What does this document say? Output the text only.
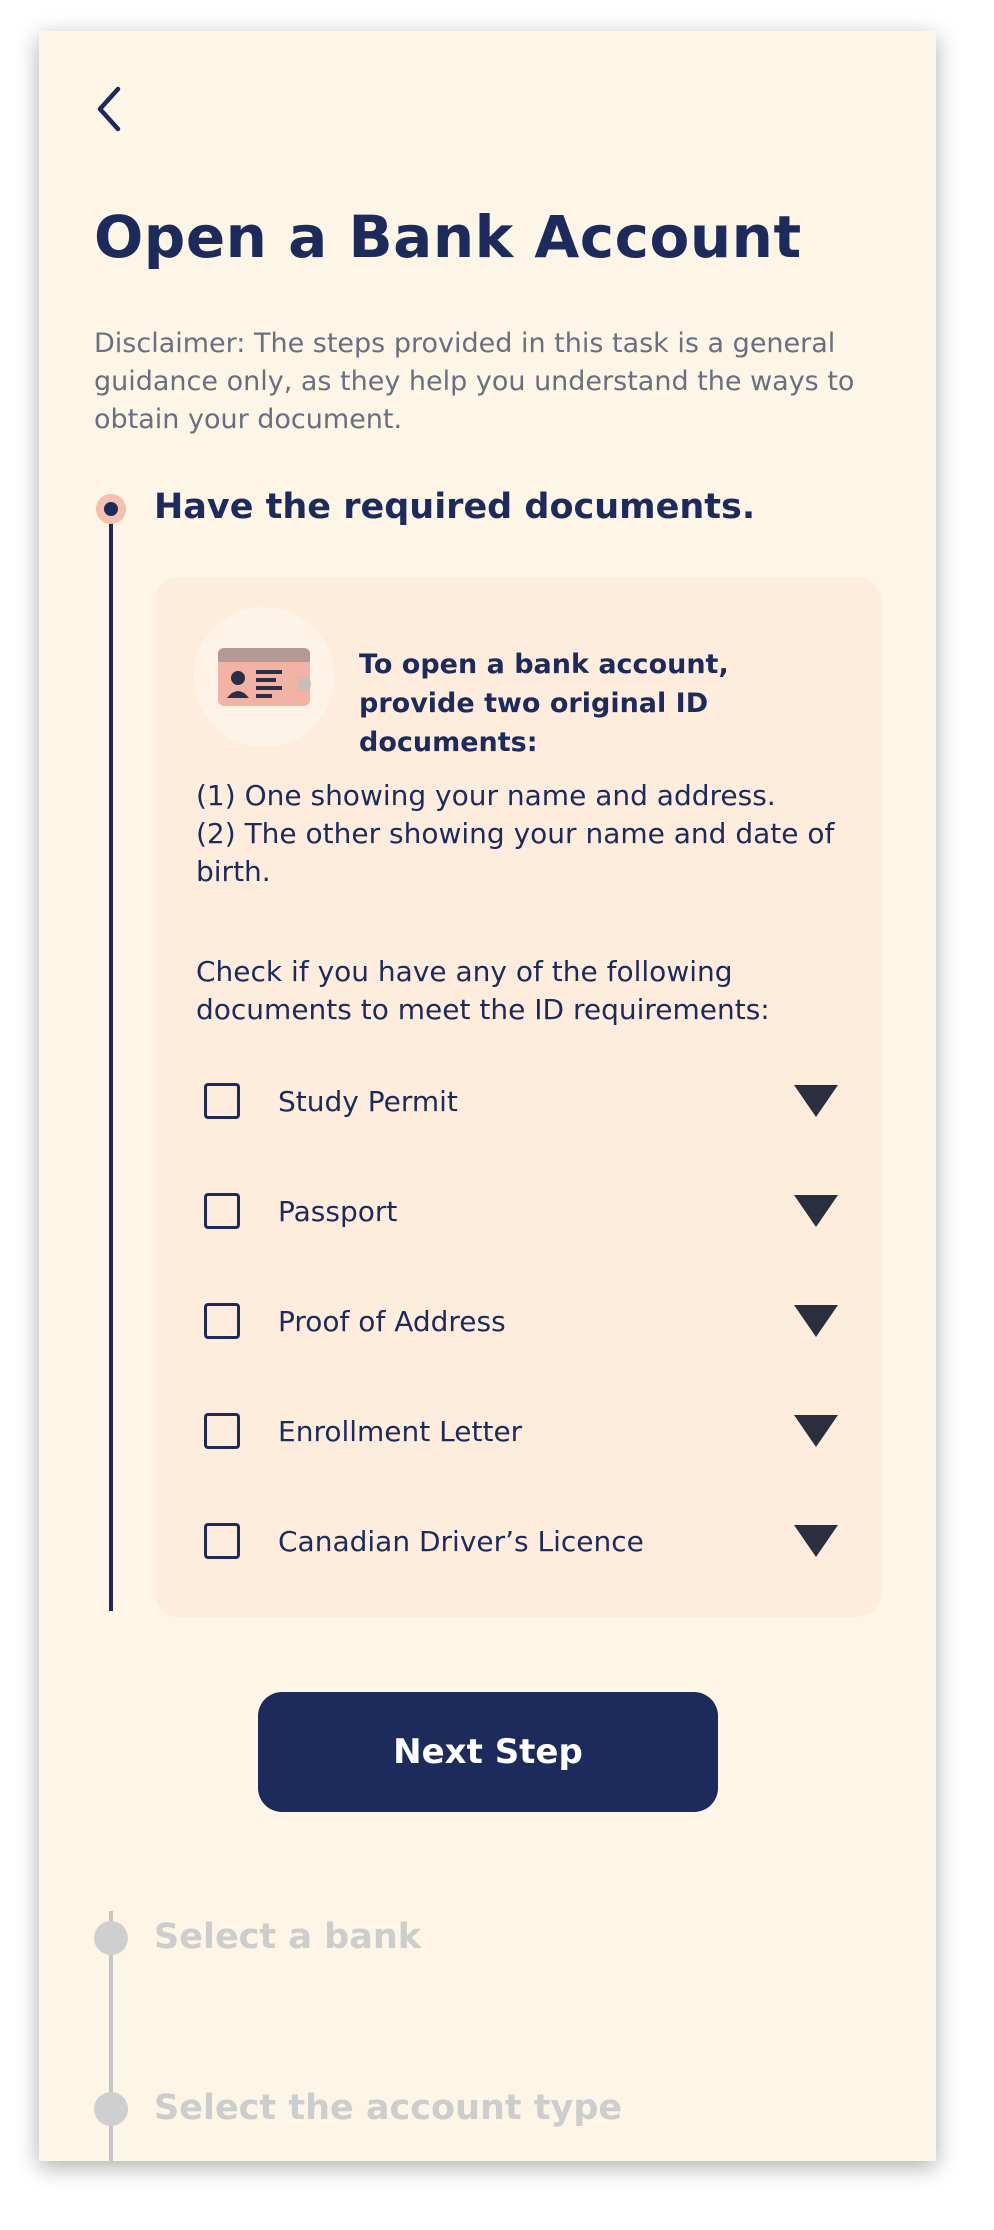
Open a Bank Account

Disclaimer: The steps provided in this task is a general guidance only, as they help you understand the ways to obtain your document.

Have the required documents.

To open a bank account, provide two original ID documents:

(1) One showing your name and address.

(2) The other showing your name and date of birth.

Check if you have any of the following documents to meet the ID requirements:

Study Permit
Passport
Proof of Address
Enrollment Letter
Canadian Driver’s Licence
Next Step
Select a bank
Select the account type
